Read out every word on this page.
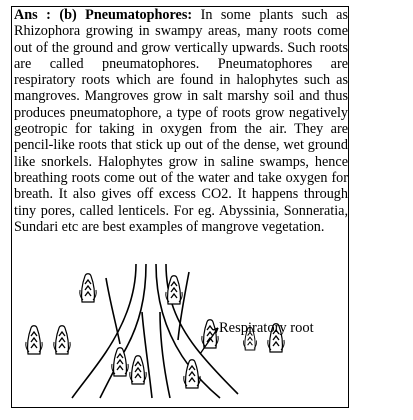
Ans : (b) Pneumatophores: In some plants such as Rhizophora growing in swampy areas, many roots come out of the ground and grow vertically upwards. Such roots are called pneumatophores. Pneumatophores are respiratory roots which are found in halophytes such as mangroves. Mangroves grow in salt marshy soil and thus produces pneumatophore, a type of roots grow negatively geotropic for taking in oxygen from the air. They are pencil-like roots that stick up out of the dense, wet ground like snorkels. Halophytes grow in saline swamps, hence breathing roots come out of the water and take oxygen for breath. It also gives off excess CO2. It happens through tiny pores, called lenticels. For eg. Abyssinia, Sonneratia, Sundari etc are best examples of mangrove vegetation.
Respiratory root
